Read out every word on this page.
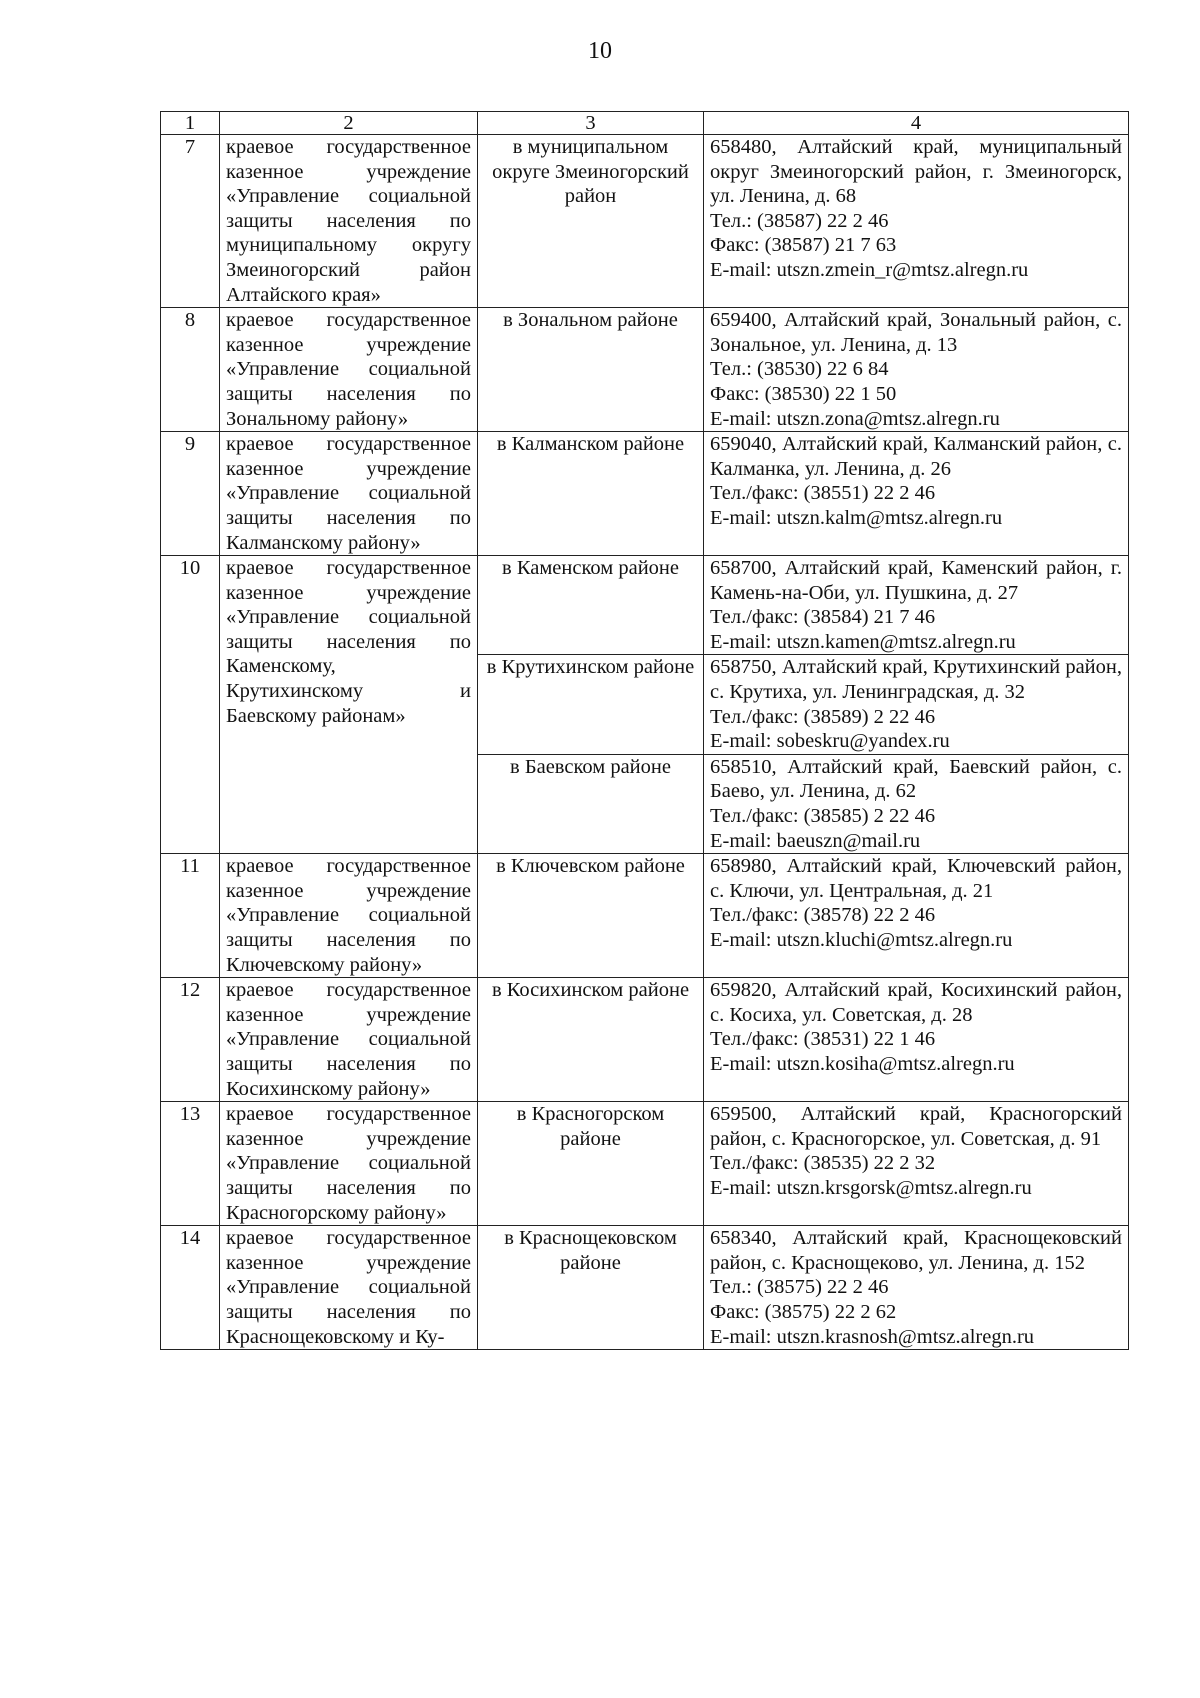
10
1	2	3	4
7	краевое государственное казенное учреждение «Управление социальной защиты населения по муниципальному округу Змеиногорский район Алтайского края»	в муниципальном округе Змеиногорский район	658480, Алтайский край, муниципальный округ Змеиногорский район, г. Змеиногорск, ул. Ленина, д. 68
Тел.: (38587) 22 2 46
Факс: (38587) 21 7 63
E-mail: utszn.zmein_r@mtsz.alregn.ru

8	краевое государственное казенное учреждение «Управление социальной защиты населения по Зональному району»	в Зональном районе	659400, Алтайский край, Зональный район, с. Зональное, ул. Ленина, д. 13
Тел.: (38530) 22 6 84
Факс: (38530) 22 1 50
E-mail: utszn.zona@mtsz.alregn.ru

9	краевое государственное казенное учреждение «Управление социальной защиты населения по Калманскому району»	в Калманском районе	659040, Алтайский край, Калманский район, с. Калманка, ул. Ленина, д. 26
Тел./факс: (38551) 22 2 46
E-mail: utszn.kalm@mtsz.alregn.ru

10	краевое государственное казенное учреждение «Управление социальной защиты населения по Каменскому, Крутихинскому и Баевскому районам»	в Каменском районе	658700, Алтайский край, Каменский район, г. Камень-на-Оби, ул. Пушкина, д. 27
Тел./факс: (38584) 21 7 46
E-mail: utszn.kamen@mtsz.alregn.ru

		в Крутихинском районе	658750, Алтайский край, Крутихинский район, с. Крутиха, ул. Ленинградская, д. 32
Тел./факс: (38589) 2 22 46
E-mail: sobeskru@yandex.ru

		в Баевском районе	658510, Алтайский край, Баевский район, с. Баево, ул. Ленина, д. 62
Тел./факс: (38585) 2 22 46
E-mail: baeuszn@mail.ru

11	краевое государственное казенное учреждение «Управление социальной защиты населения по Ключевскому району»	в Ключевском районе	658980, Алтайский край, Ключевский район, с. Ключи, ул. Центральная, д. 21
Тел./факс: (38578) 22 2 46
E-mail: utszn.kluchi@mtsz.alregn.ru

12	краевое государственное казенное учреждение «Управление социальной защиты населения по Косихинскому району»	в Косихинском районе	659820, Алтайский край, Косихинский район, с. Косиха, ул. Советская, д. 28
Тел./факс: (38531) 22 1 46
E-mail: utszn.kosiha@mtsz.alregn.ru

13	краевое государственное казенное учреждение «Управление социальной защиты населения по Красногорскому району»	в Красногорском районе	659500, Алтайский край, Красногорский район, с. Красногорское, ул. Советская, д. 91
Тел./факс: (38535) 22 2 32
E-mail: utszn.krsgorsk@mtsz.alregn.ru

14	краевое государственное казенное учреждение «Управление социальной защиты населения по Краснощековскому и Ку-	в Краснощековском районе	658340, Алтайский край, Краснощековский район, с. Краснощеково, ул. Ленина, д. 152
Тел.: (38575) 22 2 46
Факс: (38575) 22 2 62
E-mail: utszn.krasnosh@mtsz.alregn.ru
